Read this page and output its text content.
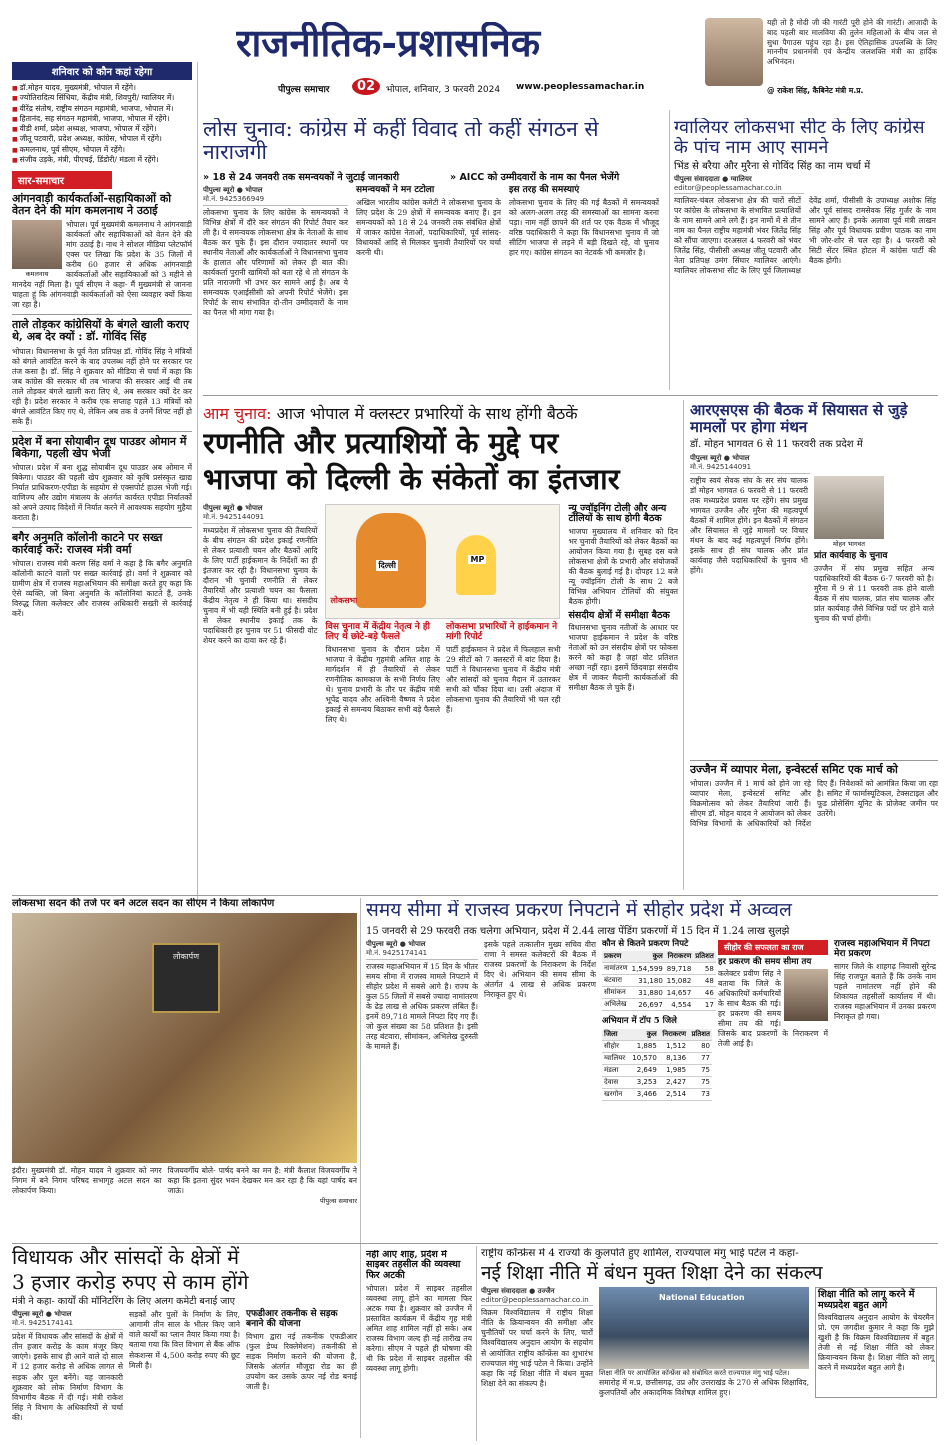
यही तो है मोदी जी की गारंटी पूरी होने की गारंटी। आजादी के बाद पहली बार मालविया की तुलेन महिलाओं के बीच जल से सुधा पैगाउस पहुंच रहा है। इस ऐतिहासिक उपलब्धि के लिए माननीय प्रधानमंत्री एवं केन्द्रीय जलशक्ति मंत्री का हार्दिक अभिनंदन।
@ राकेश सिंह, कैबिनेट मंत्री म.प्र.
राजनीतिक-प्रशासनिक
पीपुल्स समाचार	02	भोपाल, शनिवार, 3 फरवरी 2024 www.peoplessamachar.in
शनिवार को कौन कहां रहेगा
■ डॉ.मोहन यादव, मुख्यमंत्री, भोपाल में रहेंगे।
■ ज्योतिरादित्य सिंधिया, केंद्रीय मंत्री, शिवपुरी/ ग्वालियर में।
■ वीरेंद्र संतोष, राष्ट्रीय संगठन महामंत्री, भाजपा, भोपाल में।
■ हितानंद, सह संगठन महामंत्री, भाजपा, भोपाल में रहेंगे।
■ वीडी शर्मा, प्रदेश अध्यक्ष, भाजपा, भोपाल में रहेंगे।
■ जीतू पटवारी, प्रदेश अध्यक्ष, कांग्रेस, भोपाल में रहेंगे।
■ कमलनाथ, पूर्व सीएम, भोपाल में रहेंगे।
■ संजीव उड़के, मंत्री, पीएचई, डिंडोरी/ मंडला में रहेंगे।
सार-समाचार
आंगनवाड़ी कार्यकर्ताओं-सहायिकाओं को वेतन देने की मांग कमलनाथ ने उठाई
कमलनाथ
भोपाल। पूर्व मुख्यमंत्री कमलनाथ ने आंगनवाड़ी कार्यकर्ता और सहायिकाओं को वेतन देने की मांग उठाई है। नाथ ने सोशल मीडिया प्लेटफॉर्म एक्स पर लिखा कि प्रदेश के 35 जिलों में करीब 60 हजार से अधिक आंगनवाड़ी कार्यकर्ताओं और सहायिकाओं को 3 महीने से मानदेय नहीं मिला है। पूर्व सीएम ने कहा- मैं मुख्यमंत्री से जानना चाहता हूं कि आंगनवाड़ी कार्यकर्ताओं को ऐसा व्यवहार क्यों किया जा रहा है।
ताले तोड़कर कांग्रेसियों के बंगले खाली कराए थे, अब देर क्यों : डॉ. गोविंद सिंह
भोपाल। विधानसभा के पूर्व नेता प्रतिपक्ष डॉ. गोविंद सिंह ने मंत्रियों को बंगले आवंटित करने के बाद उपलब्ध नहीं होने पर सरकार पर तंज कसा है। डॉ. सिंह ने शुक्रवार को मीडिया से चर्चा में कहा कि जब कांग्रेस की सरकार थी तब भाजपा की सरकार आई थी तब ताले तोड़कर बंगले खाली करा लिए थे, अब सरकार क्यों देर कर रही है। प्रदेश सरकार ने करीब एक सप्ताह पहले 13 मंत्रियों को बंगले आवंटित किए गए थे, लेकिन अब तक वे उनमें शिफ्ट नहीं हो सके हैं।
प्रदेश में बना सोयाबीन दूध पाउडर ओमान में बिकेगा, पहली खेप भेजी
भोपाल। प्रदेश में बना शुद्ध सोयाबीन दूध पाउडर अब ओमान में बिकेगा। पाउडर की पहली खेप शुक्रवार को कृषि प्रसंस्कृत खाद्य निर्यात प्राधिकरण-एपीडा के सहयोग से एक्सपोर्ट हाउस भेजी गई। वाणिज्य और उद्योग मंत्रालय के अंतर्गत कार्यरत एपीडा निर्यातकों को अपने उत्पाद विदेशों में निर्यात करने में आवश्यक सहयोग मुहैया कराता है।
बगैर अनुमति कॉलोनी काटने पर सख्त कार्रवाई करें: राजस्व मंत्री वर्मा
भोपाल। राजस्व मंत्री करण सिंह वर्मा ने कहा है कि बगैर अनुमति कॉलोनी काटने वालों पर सख्त कार्रवाई हो। वर्मा ने शुक्रवार को ग्रामीण क्षेत्र में राजस्व महाअभियान की समीक्षा करते हुए कहा कि ऐसे व्यक्ति, जो बिना अनुमति के कॉलोनियां काटते हैं, उनके विरुद्ध जिला कलेक्टर और राजस्व अधिकारी सख्ती से कार्रवाई करें।
लोस चुनाव: कांग्रेस में कहीं विवाद तो कहीं संगठन से नाराजगी
» 18 से 24 जनवरी तक समन्वयकों ने जुटाई जानकारी	» AICC को उम्मीदवारों के नाम का पैनल भेजेंगे
पीपुल्स ब्यूरो ● भोपाल
मो.नं. 9425366949
लोकसभा चुनाव के लिए कांग्रेस के समन्वयकों ने विभिन्न क्षेत्रों में दौरे कर संगठन की रिपोर्ट तैयार कर ली है। ये समन्वयक लोकसभा क्षेत्र के नेताओं के साथ बैठक कर चुके हैं। इस दौरान ज्यादातर स्थानों पर स्थानीय नेताओं और कार्यकर्ताओं ने विधानसभा चुनाव के हालात और परिणामों को लेकर ही बात की। कार्यकर्ता पुरानी खामियों को बता रहे थे तो संगठन के प्रति नाराजगी भी उभर कर सामने आई है। अब ये समन्वयक एआईसीसी को अपनी रिपोर्ट भेजेंगे। इस रिपोर्ट के साथ संभावित दो-तीन उम्मीदवारों के नाम का पैनल भी मांगा गया है।
समन्वयकों ने मन टटोला
अखिल भारतीय कांग्रेस कमेटी ने लोकसभा चुनाव के लिए प्रदेश के 29 क्षेत्रों में समन्वयक बनाए हैं। इन समन्वयकों को 18 से 24 जनवरी तक संबंधित क्षेत्रों में जाकर कांग्रेस नेताओं, पदाधिकारियों, पूर्व सांसद-विधायकों आदि से मिलकर चुनावी तैयारियों पर चर्चा करनी थी।
इस तरह की समस्याएं
लोकसभा चुनाव के लिए की गई बैठकों में समन्वयकों को अलग-अलग तरह की समस्याओं का सामना करना पड़ा। नाम नहीं छापने की शर्त पर एक वैठक में भौजूद वरिष्ठ पदाधिकारी ने कहा कि विधानसभा चुनाव में जो सीटिंग भाजपा से लड़ने में बड़ी दिखते रहे, वो चुनाव हार गए। कांग्रेस संगठन का नेटवर्क भी कमजोर है।
ग्वालियर लोकसभा सीट के लिए कांग्रेस के पांच नाम आए सामने
भिंड से बरैया और मुरैना से गोविंद सिंह का नाम चर्चा में
पीपुल्स संवाददाता ● ग्वालियर
editor@peoplessamachar.co.in
ग्वालियर-चंबल लोकसभा क्षेत्र की चारों सीटों पर कांग्रेस के लोकसभा के संभावित प्रत्याशियों के नाम सामने आने लगे हैं। इन नामों में से तीन नाम का पैनल राष्ट्रीय महामंत्री भंवर जितेंद्र सिंह को सौंपा जाएगा। दरअसल 4 फरवरी को भंवर जितेंद्र सिंह, पीसीसी अध्यक्ष जीतू पटवारी और नेता प्रतिपक्ष उमंग सिंघार ग्वालियर आएंगे। ग्वालियर लोकसभा सीट के लिए पूर्व जिलाध्यक्ष देवेंद्र शर्मा, पीसीसी के उपाध्यक्ष अशोक सिंह और पूर्व सांसद रामसेवक सिंह गुर्जर के नाम सामने आए हैं। इनके अलावा पूर्व मंत्री लाखन सिंह और पूर्व विधायक प्रवीण पाठक का नाम भी जोर-शोर से चल रहा है। 4 फरवरी को सिटी सेंटर स्थित होटल में कांग्रेस पार्टी की बैठक होगी।
आम चुनाव: आज भोपाल में क्लस्टर प्रभारियों के साथ होंगी बैठकें
रणनीति और प्रत्याशियों के मुद्दे पर
भाजपा को दिल्ली के संकेतों का इंतजार
पीपुल्स ब्यूरो ● भोपाल
मो.नं. 9425144091
मध्यप्रदेश में लोकसभा चुनाव की तैयारियों के बीच संगठन की प्रदेश इकाई रणनीति से लेकर प्रत्याशी चयन और बैठकों आदि के लिए पार्टी हाईकमान के निर्देशों का ही इंतजार कर रही है। विधानसभा चुनाव के दौरान भी चुनावी रणनीति से लेकर तैयारियों और प्रत्याशी चयन का फैसला केंद्रीय नेतृत्व ने ही किया था। संसदीय चुनाव में भी यही स्थिति बनी हुई है। प्रदेश से लेकर स्थानीय इकाई तक के पदाधिकारी हर चुनाव पर 51 फीसदी वोट शेयर करने का दावा कर रहे हैं।
दिल्ली
MP
लोकसभा
विस चुनाव में केंद्रीय नेतृत्व ने ही लिए थे छोटे-बड़े फैसले
विधानसभा चुनाव के दौरान प्रदेश में भाजपा ने केंद्रीय गृहमंत्री अमित शाह के मार्गदर्शन में ही तैयारियों से लेकर रणनीतिक कामकाज के सभी निर्णय लिए थे। चुनाव प्रभारी के तौर पर केंद्रीय मंत्री भूपेंद्र यादव और अश्विनी वैष्णव ने प्रदेश इकाई से समन्वय बिठाकर सभी बड़े फैसले लिए थे।
लोकसभा प्रभारियों ने हाईकमान ने मांगी रिपोर्ट
पार्टी हाईकमान ने प्रदेश में फिलहाल सभी 29 सीटों को 7 क्लस्टरों में बांट दिया है। पार्टी ने विधानसभा चुनाव में केंद्रीय मंत्री और सांसदों को चुनाव मैदान में उतारकर सभी को चौंका दिया था। उसी अंदाज में लोकसभा चुनाव की तैयारियों भी चल रही हैं।
न्यू ज्वॉइनिंग टोली और अन्य टोलियों के साथ होगी बैठक
भाजपा मुख्यालय में शनिवार को दिन भर चुनावी तैयारियों को लेकर बैठकों का आयोजन किया गया है। सुबह दस बजे लोकसभा क्षेत्रों के प्रभारी और संयोजकों की बैठक बुलाई गई है। दोपहर 12 बजे न्यू ज्वॉइनिंग टोली के साथ 2 बजे विभिन्न अभियान टोलियों की संयुक्त बैठक होगी।
संसदीय क्षेत्रों में समीक्षा बैठक
विधानसभा चुनाव नतीजों के आधार पर भाजपा हाईकमान ने प्रदेश के वरिष्ठ नेताओं को उन संसदीय क्षेत्रों पर फोकस करने को कहा है जहां वोट प्रतिशत अच्छा नहीं रहा। इसमें छिंदवाड़ा संसदीय क्षेत्र में जाकर मैदानी कार्यकर्ताओं की समीक्षा बैठक ले चुके हैं।
आरएसएस की बैठक में सियासत से जुड़े मामलों पर होगा मंथन
डॉ. मोहन भागवत 6 से 11 फरवरी तक प्रदेश में
पीपुल्स ब्यूरो ● भोपाल
मो.नं. 9425144091
राष्ट्रीय स्वयं सेवक संघ के सर संघ चालक डॉ मोहन भागवत 6 फरवरी से 11 फरवरी तक मध्यप्रदेश प्रवास पर रहेंगे। संघ प्रमुख भागवत उज्जैन और मुरैना की महत्वपूर्ण बैठकों में शामिल होंगे। इन बैठकों में संगठन और सियासत से जुड़े मामलों पर विचार मंथन के बाद कई महत्वपूर्ण निर्णय होंगे। इसके साथ ही संघ चालक और प्रांत कार्यवाह जैसे पदाधिकारियों के चुनाव भी होंगे।
मोहन भागवत
प्रांत कार्यवाह के चुनाव
उज्जैन में संघ प्रमुख सहित अन्य पदाधिकारियों की बैठक 6-7 फरवरी को है। मुरैना में 9 से 11 फरवरी तक होने वाली बैठक में संघ चालक, प्रांत संघ चालक और प्रांत कार्यवाह जैसे विभिन्न पदों पर होने वाले चुनाव की चर्चा होगी।
उज्जैन में व्यापार मेला, इन्वेस्टर्स समिट एक मार्च को
भोपाल। उज्जैन में 1 मार्च को होने जा रहे व्यापार मेला, इन्वेस्टर्स समिट और विक्रमोत्सव को लेकर तैयारियां जारी हैं। सीएम डॉ. मोहन यादव ने आयोजन को लेकर विभिन्न विभागों के अधिकारियों को निर्देश दिए हैं। निवेशकों को आमंत्रित किया जा रहा है। समिट में फार्मास्यूटिकल, टेक्सटाइल और फूड प्रोसेसिंग यूनिट के प्रोजेक्ट जमीन पर उतरेंगे।
लोकसभा सदन की तर्ज पर बने अटल सदन का सीएम ने किया लोकार्पण
लोकार्पण
इंदौर। मुख्यमंत्री डॉ. मोहन यादव ने शुक्रवार को नगर निगम में बने निगम परिषद सभागृह अटल सदन का लोकार्पण किया।
विजयवर्गीय बोले- पार्षद बनने का मन है: मंत्री कैलाश विजयवर्गीय ने कहा कि इतना सुंदर भवन देखकर मन कर रहा है कि यहां पार्षद बन जाऊं।
पीपुल्स समाचार
समय सीमा में राजस्व प्रकरण निपटाने में सीहोर प्रदेश में अव्वल
15 जनवरी से 29 फरवरी तक चलेगा अभियान, प्रदेश में 2.44 लाख पेंडिंग प्रकरणों में 15 दिन में 1.24 लाख सुलझे
पीपुल्स ब्यूरो ● भोपाल
मो.नं. 9425174141
राजस्व महाअभियान में 15 दिन के भीतर समय सीमा में राजस्व मामले निपटाने में सीहोर प्रदेश में सबसे आगे है। राज्य के कुल 55 जिलों में सबसे ज्यादा नामांतरण के ढेड़ लाख से अधिक प्रकरण लंबित हैं। इनमें 89,718 मामले निपटा दिए गए हैं। जो कुल संख्या का 58 प्रतिशत है। इसी तरह बंटवारा, सीमांकन, अभिलेख दुरुस्ती के मामले हैं।
इसके पहले तत्कालीन मुख्य सचिव वीरा राणा ने समस्त कलेक्टरों की बैठक में राजस्व प्रकरणों के निराकरण के निर्देश दिए थे। अभियान की समय सीमा के अंतर्गत 4 लाख से अधिक प्रकरण निराकृत हुए थे।
कौन से कितने प्रकरण निपटे
प्रकरण	कुल	निराकरण	प्रतिशत
नामांतरण	1,54,599	89,718	58
बंटवारा	31,180	15,082	48
सीमांकन	31,880	14,657	46
अभिलेख	26,697	4,554	17
अभियान में टॉप 5 जिले
जिला	कुल	निराकरण	प्रतिशत
सीहोर	1,885	1,512	80
ग्वालियर	10,570	8,136	77
मंडला	2,649	1,985	75
देवास	3,253	2,427	75
खरगोन	3,466	2,514	73
सीहोर की सफलता का राज
हर प्रकरण की समय सीमा तय
कलेक्टर प्रवीण सिंह ने बताया कि जिले के अधिकारियों कर्मचारियों के साथ बैठक की गई। हर प्रकरण की समय सीमा तय की गई। जिसके बाद प्रकरणों के निराकरण में तेजी आई है।
राजस्व महाअभियान में निपटा मेरा प्रकरण
सागर जिले के शाहगढ़ निवासी सुरेन्द्र सिंह राजपूत बताते हैं कि उनके नाम पहले नामांतरण नहीं होने की शिकायत तहसीलों कार्यालय में थी। राजस्व महाअभियान में उनका प्रकरण निराकृत हो गया।
विधायक और सांसदों के क्षेत्रों में
3 हजार करोड़ रुपए से काम होंगे
मंत्री ने कहा- कार्यों की मॉनिटरिंग के लिए अलग कमेटी बनाई जाए
पीपुल्स ब्यूरो ● भोपाल
मो.नं. 9425174141
प्रदेश में विधायक और सांसदों के क्षेत्रों में तीन हजार करोड़ के काम मंजूर किए जाएंगे। इसके साथ ही आने वाले दो साल में 12 हजार करोड़ से अधिक लागत से सड़क और पुल बनेंगे। यह जानकारी शुक्रवार को लोक निर्माण विभाग के विभागीय बैठक में दी गई। मंत्री राकेश सिंह ने विभाग के अधिकारियों से चर्चा की।
सड़कों और पुलों के निर्माण के लिए, आगामी तीन साल के भीतर किए जाने वाले कार्यों का प्लान तैयार किया गया है। बताया गया कि वित्त विभाग से बैंक ऑफ सेकशन्स में 4,500 करोड़ रुपए की छूट मिली है।
एफडीआर तकनीक से सड़क बनाने की योजना
विभाग द्वारा नई तकनीक एफडीआर (फुल डेप्थ रिक्लेमेशन) तकनीकी से सड़क निर्माण कराने की योजना है, जिसके अंतर्गत मौजूदा रोड का ही उपयोग कर उसके ऊपर नई रोड बनाई जाती है।
नहीं आए शाह, प्रदेश में साइबर तहसील की व्यवस्था फिर अटकी
भोपाल। प्रदेश में साइबर तहसील व्यवस्था लागू होने का मामला फिर अटक गया है। शुक्रवार को उज्जैन में प्रस्तावित कार्यक्रम में केंद्रीय गृह मंत्री अमित शाह शामिल नहीं हो सके। अब राजस्व विभाग जल्द ही नई तारीख तय करेगा। सीएम ने पहले ही घोषणा की थी कि प्रदेश में साइबर तहसील की व्यवस्था लागू होगी।
राष्ट्रीय कॉन्फ्रेंस में 4 राज्यों के कुलपति हुए शामिल, राज्यपाल मंगु भाई पटेल ने कहा-
नई शिक्षा नीति में बंधन मुक्त शिक्षा देने का संकल्प
पीपुल्स संवाददाता ● उज्जैन
editor@peoplessamachar.co.in
विक्रम विश्वविद्यालय में राष्ट्रीय शिक्षा नीति के क्रियान्वयन की समीक्षा और चुनौतियों पर चर्चा करने के लिए, चारों विश्वविद्यालय अनुदान आयोग के सहयोग से आयोजित राष्ट्रीय कॉन्फ्रेंस का शुभारंभ राज्यपाल मंगु भाई पटेल ने किया। उन्होंने कहा कि नई शिक्षा नीति में बंधन मुक्त शिक्षा देने का संकल्प है।
National Education
शिक्षा नीति पर आयोजित कॉन्फ्रेंस को संबोधित करते राज्यपाल मंगु भाई पटेल।
समारोह में म.प्र, छत्तीसगढ़, उप्र और उत्तराखंड के 270 से अधिक शिक्षाविद, कुलपतियों और अकादमिक विशेषज्ञ शामिल हुए।
शिक्षा नीति को लागू करने में मध्यप्रदेश बहुत आगे
विश्वविद्यालय अनुदान आयोग के चेयरमैन प्रो. एम जगदीश कुमार ने कहा कि मुझे खुशी है कि विक्रम विश्वविद्यालय में बहुत तेजी से नई शिक्षा नीति को लेकर क्रियान्वयन किया है। शिक्षा नीति को लागू करने में मध्यप्रदेश बहुत आगे है।
